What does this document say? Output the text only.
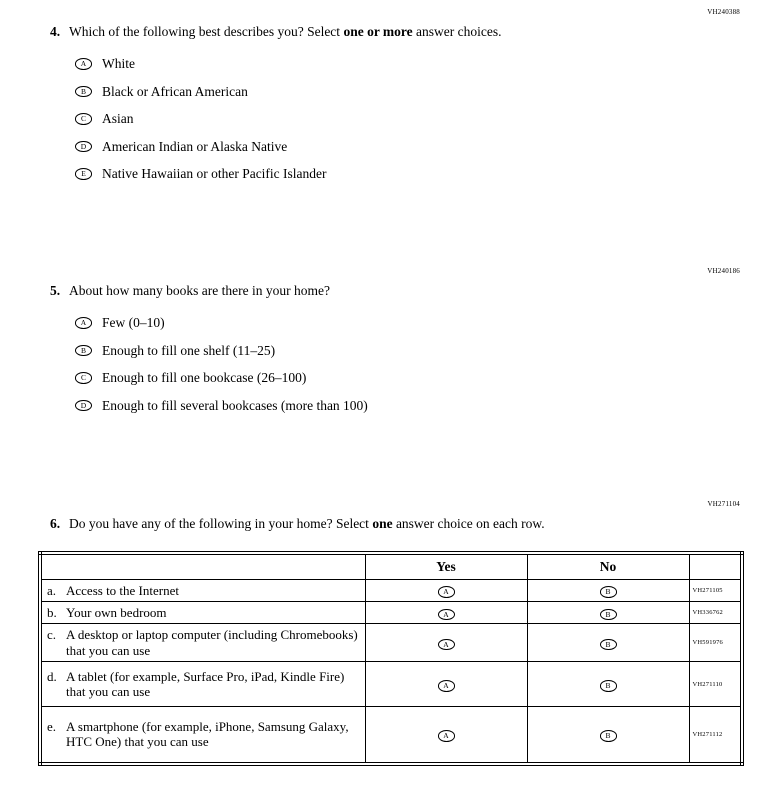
VH240388
4. Which of the following best describes you? Select one or more answer choices.
A	White
B	Black or African American
C	Asian
D	American Indian or Alaska Native
E	Native Hawaiian or other Pacific Islander
VH240186
5. About how many books are there in your home?
A	Few (0–10)
B	Enough to fill one shelf (11–25)
C	Enough to fill one bookcase (26–100)
D	Enough to fill several bookcases (more than 100)
VH271104
6. Do you have any of the following in your home? Select one answer choice on each row.
	Yes	No	

a. Access to the Internet	A	B	VH271105

b. Your own bedroom	A	B	VH336762

c. A desktop or laptop computer (including Chromebooks) that you can use	A	B	VH591976

d. A tablet (for example, Surface Pro, iPad, Kindle Fire) that you can use	A	B	VH271110

e. A smartphone (for example, iPhone, Samsung Galaxy, HTC One) that you can use	A	B	VH271112
